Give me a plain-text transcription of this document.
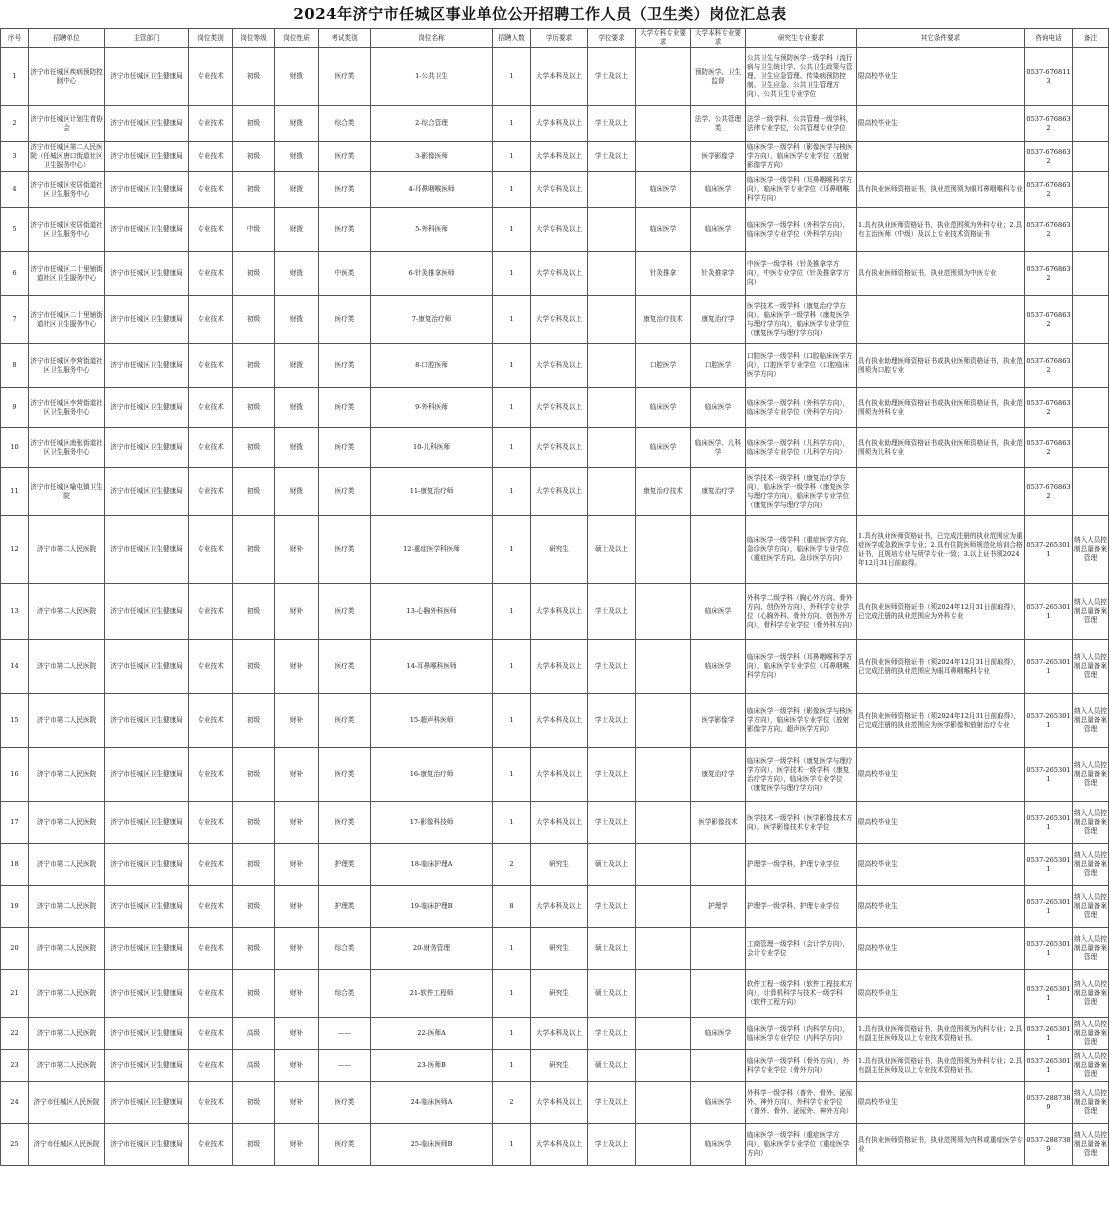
2024年济宁市任城区事业单位公开招聘工作人员（卫生类）岗位汇总表
序号	招聘单位	主管部门	岗位类别	岗位等级	岗位性质	考试类别	岗位名称	招聘人数	学历要求	学位要求	大学专科专业要求	大学本科专业要求	研究生专业要求	其它条件要求	咨询电话	备注
1	济宁市任城区疾病预防控制中心	济宁市任城区卫生健康局	专业技术	初级	财拨	医疗类	1-公共卫生	1	大学本科及以上	学士及以上		预防医学、卫生监督	公共卫生与预防医学一级学科（流行病与卫生统计学、公共卫生政策与管理、卫生应急管理、传染病预防控制、卫生应急、公共卫生管理方向）、公共卫生专业学位	限高校毕业生	0537-6768113	
2	济宁市任城区计划生育协会	济宁市任城区卫生健康局	专业技术	初级	财拨	综合类	2-综合管理	1	大学本科及以上	学士及以上		法学、公共管理类	法学一级学科、公共管理一级学科，法律专业学位，公共管理专业学位	限高校毕业生	0537-6768632	
3	济宁市任城区第二人民医院（任城区唐口街道社区卫生服务中心）	济宁市任城区卫生健康局	专业技术	初级	财拨	医疗类	3-影像医师	1	大学本科及以上	学士及以上		医学影像学	临床医学一级学科（影像医学与核医学方向），临床医学专业学位（放射影像学方向）		0537-6768632	
4	济宁市任城区安居街道社区卫生服务中心	济宁市任城区卫生健康局	专业技术	初级	财拨	医疗类	4-耳鼻咽喉医师	1	大学专科及以上		临床医学	临床医学	临床医学一级学科（耳鼻咽喉科学方向），临床医学专业学位（耳鼻咽喉科学方向）	具有执业医师资格证书，执业范围须为眼耳鼻咽喉科专业	0537-6768632	
5	济宁市任城区安居街道社区卫生服务中心	济宁市任城区卫生健康局	专业技术	中级	财拨	医疗类	5-外科医师	1	大学专科及以上		临床医学	临床医学	临床医学一级学科（外科学方向），临床医学专业学位（外科学方向）	1.具有执业医师资格证书，执业范围须为外科专业；2.具有主治医师（中级）及以上专业技术资格证书	0537-6768632	
6	济宁市任城区二十里铺街道社区卫生服务中心	济宁市任城区卫生健康局	专业技术	初级	财拨	中医类	6-针灸推拿医师	1	大学专科及以上		针灸推拿	针灸推拿学	中医学一级学科（针灸推拿学方向），中医专业学位（针灸推拿学方向）	具有执业医师资格证书，执业范围须为中医专业	0537-6768632	
7	济宁市任城区二十里铺街道社区卫生服务中心	济宁市任城区卫生健康局	专业技术	初级	财拨	医疗类	7-康复治疗师	1	大学专科及以上		康复治疗技术	康复治疗学	医学技术一级学科（康复治疗学方向），临床医学一级学科（康复医学与理疗学方向），临床医学专业学位（康复医学与理疗学方向）		0537-6768632	
8	济宁市任城区李营街道社区卫生服务中心	济宁市任城区卫生健康局	专业技术	初级	财拨	医疗类	8-口腔医师	1	大学专科及以上		口腔医学	口腔医学	口腔医学一级学科（口腔临床医学方向），口腔医学专业学位（口腔临床医学方向）	具有执业助理医师资格证书或执业医师资格证书，执业范围须为口腔专业	0537-6768632	
9	济宁市任城区李营街道社区卫生服务中心	济宁市任城区卫生健康局	专业技术	初级	财拨	医疗类	9-外科医师	1	大学专科及以上		临床医学	临床医学	临床医学一级学科（外科学方向），临床医学专业学位（外科学方向）	具有执业助理医师资格证书或执业医师资格证书，执业范围须为外科专业	0537-6768632	
10	济宁市任城区南张街道社区卫生服务中心	济宁市任城区卫生健康局	专业技术	初级	财拨	医疗类	10-儿科医师	1	大学专科及以上		临床医学	临床医学、儿科学	临床医学一级学科（儿科学方向），临床医学专业学位（儿科学方向）	具有执业助理医师资格证书或执业医师资格证书，执业范围须为儿科专业	0537-6768632	
11	济宁市任城区喻屯镇卫生院	济宁市任城区卫生健康局	专业技术	初级	财拨	医疗类	11-康复治疗师	1	大学专科及以上		康复治疗技术	康复治疗学	医学技术一级学科（康复治疗学方向），临床医学一级学科（康复医学与理疗学方向），临床医学专业学位（康复医学与理疗学方向）		0537-6768632	
12	济宁市第二人民医院	济宁市任城区卫生健康局	专业技术	初级	财补	医疗类	12-重症医学科医师	1	研究生	硕士及以上			临床医学一级学科（重症医学方向、急诊医学方向），临床医学专业学位（重症医学方向、急诊医学方向）	1.具有执业医师资格证书，已完成注册的执业范围应为重症医学或急救医学专业；2.具有住院医师规范化培训合格证书，且规培专业与所学专业一致；3.以上证书须2024年12月31日前取得。	0537-2653011	纳入人员控制总量备案管理
13	济宁市第二人民医院	济宁市任城区卫生健康局	专业技术	初级	财补	医疗类	13-心胸外科医师	1	大学本科及以上	学士及以上		临床医学	外科学二级学科（胸心外方向、骨外方向、创伤外方向），外科学专业学位（心胸外科、骨外方向、创伤外方向），骨科学专业学位（骨外科方向）	具有执业医师资格证书（须2024年12月31日前取得），已完成注册的执业范围应为外科专业	0537-2653011	纳入人员控制总量备案管理
14	济宁市第二人民医院	济宁市任城区卫生健康局	专业技术	初级	财补	医疗类	14-耳鼻喉科医师	1	大学本科及以上	学士及以上		临床医学	临床医学一级学科（耳鼻咽喉科学方向），临床医学专业学位（耳鼻咽喉科学方向）	具有执业医师资格证书（须2024年12月31日前取得），已完成注册的执业范围应为眼耳鼻咽喉科专业	0537-2653011	纳入人员控制总量备案管理
15	济宁市第二人民医院	济宁市任城区卫生健康局	专业技术	初级	财补	医疗类	15-超声科医师	1	大学本科及以上	学士及以上		医学影像学	临床医学一级学科（影像医学与核医学方向），临床医学专业学位（放射影像学方向、超声医学方向）	具有执业医师资格证书（须2024年12月31日前取得），已完成注册的执业范围应为医学影像和放射治疗专业	0537-2653011	纳入人员控制总量备案管理
16	济宁市第二人民医院	济宁市任城区卫生健康局	专业技术	初级	财补	医疗类	16-康复治疗师	1	大学本科及以上	学士及以上		康复治疗学	临床医学一级学科（康复医学与理疗学方向），医学技术一级学科（康复治疗学方向），临床医学专业学位（康复医学与理疗学方向）	限高校毕业生	0537-2653011	纳入人员控制总量备案管理
17	济宁市第二人民医院	济宁市任城区卫生健康局	专业技术	初级	财补	医疗类	17-影像科技师	1	大学本科及以上	学士及以上		医学影像技术	医学技术一级学科（医学影像技术方向），医学影像技术专业学位	限高校毕业生	0537-2653011	纳入人员控制总量备案管理
18	济宁市第二人民医院	济宁市任城区卫生健康局	专业技术	初级	财补	护理类	18-临床护理A	2	研究生	硕士及以上			护理学一级学科，护理专业学位	限高校毕业生	0537-2653011	纳入人员控制总量备案管理
19	济宁市第二人民医院	济宁市任城区卫生健康局	专业技术	初级	财补	护理类	19-临床护理B	8	大学本科及以上	学士及以上		护理学	护理学一级学科，护理专业学位	限高校毕业生	0537-2653011	纳入人员控制总量备案管理
20	济宁市第二人民医院	济宁市任城区卫生健康局	专业技术	初级	财补	综合类	20-财务管理	1	研究生	硕士及以上			工商管理一级学科（会计学方向），会计专业学位	限高校毕业生	0537-2653011	纳入人员控制总量备案管理
21	济宁市第二人民医院	济宁市任城区卫生健康局	专业技术	初级	财补	综合类	21-软件工程师	1	研究生	硕士及以上			软件工程一级学科（软件工程技术方向），计算机科学与技术一级学科（软件工程方向）	限高校毕业生	0537-2653011	纳入人员控制总量备案管理
22	济宁市第二人民医院	济宁市任城区卫生健康局	专业技术	高级	财补	——	22-医师A	1	大学本科及以上	学士及以上		临床医学	临床医学一级学科（内科学方向），临床医学专业学位（内科学方向）	1.具有执业医师资格证书，执业范围须为内科专业；2.具有副主任医师及以上专业技术资格证书。	0537-2653011	纳入人员控制总量备案管理
23	济宁市第二人民医院	济宁市任城区卫生健康局	专业技术	高级	财补	——	23-医师B	1	研究生	硕士及以上			临床医学一级学科（骨外方向），外科学专业学位（骨外方向）	1.具有执业医师资格证书，执业范围须为外科专业；2.具有副主任医师及以上专业技术资格证书。	0537-2653011	纳入人员控制总量备案管理
24	济宁市任城区人民医院	济宁市任城区卫生健康局	专业技术	初级	财补	医疗类	24-临床医师A	2	大学本科及以上	学士及以上		临床医学	外科学一级学科（普外、骨外、泌尿外、神外方向），外科学专业学位（普外、骨外、泌尿外、神外方向）	限高校毕业生	0537-2887389	纳入人员控制总量备案管理
25	济宁市任城区人民医院	济宁市任城区卫生健康局	专业技术	初级	财补	医疗类	25-临床医师B	1	大学本科及以上	学士及以上		临床医学	临床医学一级学科（重症医学方向），临床医学专业学位（重症医学方向）	具有执业医师资格证书，执业范围须为内科或重症医学专业	0537-2887389	纳入人员控制总量备案管理
